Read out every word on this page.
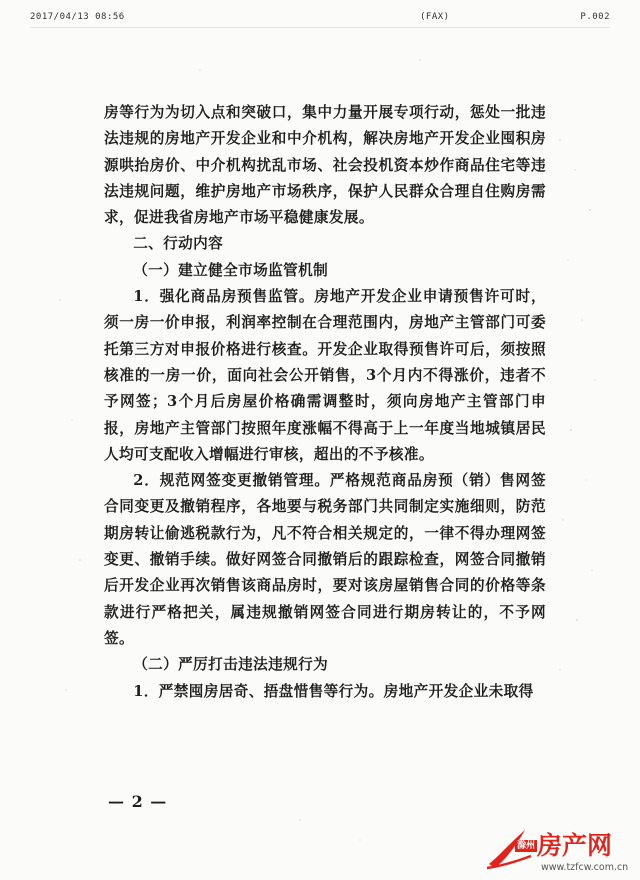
2017/04/13 08:56	(FAX)	P.002

房等行为为切入点和突破口，集中力量开展专项行动，惩处一批违法违规的房地产开发企业和中介机构，解决房地产开发企业囤积房源哄抬房价、中介机构扰乱市场、社会投机资本炒作商品住宅等违法违规问题，维护房地产市场秩序，保护人民群众合理自住购房需求，促进我省房地产市场平稳健康发展。

二、行动内容

（一）建立健全市场监管机制

1．强化商品房预售监管。房地产开发企业申请预售许可时，须一房一价申报，利润率控制在合理范围内，房地产主管部门可委托第三方对申报价格进行核查。开发企业取得预售许可后，须按照核准的一房一价，面向社会公开销售，3个月内不得涨价，违者不予网签；3个月后房屋价格确需调整时，须向房地产主管部门申报，房地产主管部门按照年度涨幅不得高于上一年度当地城镇居民人均可支配收入增幅进行审核，超出的不予核准。

2．规范网签变更撤销管理。严格规范商品房预（销）售网签合同变更及撤销程序，各地要与税务部门共同制定实施细则，防范期房转让偷逃税款行为，凡不符合相关规定的，一律不得办理网签变更、撤销手续。做好网签合同撤销后的跟踪检查，网签合同撤销后开发企业再次销售该商品房时，要对该房屋销售合同的价格等条款进行严格把关，属违规撤销网签合同进行期房转让的，不予网签。

（二）严厉打击违法违规行为

1．严禁囤房居奇、捂盘惜售等行为。房地产开发企业未取得

— 2 —
滁州 房产网
www.tzfcw.com.cn
